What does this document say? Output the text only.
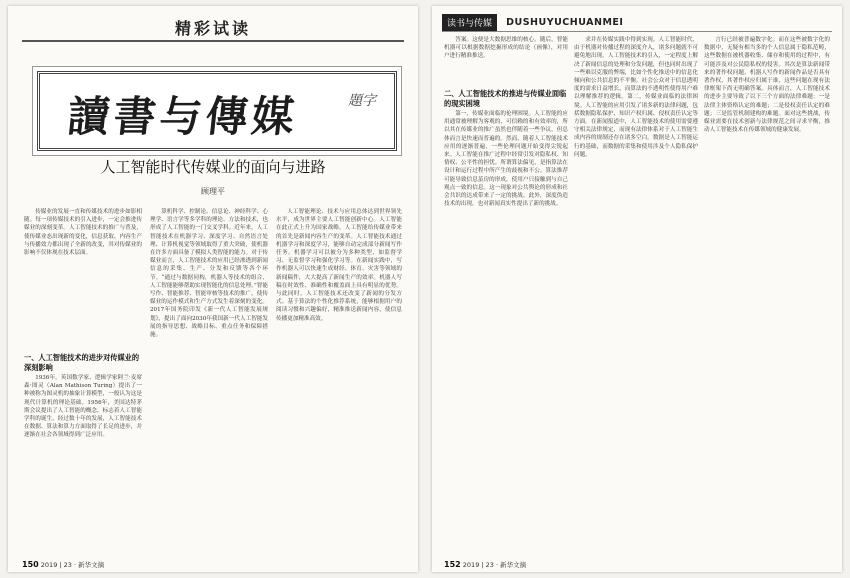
精彩试读
讀書与傳媒	題字
人工智能时代传媒业的面向与进路
顾理平

传媒业的发展一直和传媒技术的进步如影相随。每一项传媒技术的引入进步，一定会推进传媒业的深刻变革。人工智能技术的推广与普及，使传媒业态出现新的变化，信息获取、内容生产与传播效力都出现了全新的改变，其对传媒业的影响不仅体现在技术层面。

一、人工智能技术的进步对传媒业的深刻影响

1936年，英国数学家、逻辑学家阿兰·麦席森·图灵（Alan Mathison Turing）提出了一种被称为图灵机的抽象计算模型，一般认为这是现代计算机的理论基础。1956年，美国达特茅斯会议提出了人工智能的概念，标志着人工智能学科的诞生。经过数十年的发展，人工智能技术在数据、算法和算力方面取得了长足的进步，并逐渐在社会各领域得到广泛应用。

算机科学、控制论、信息论、神经科学、心理学、语言学等多学科的理论、方法和技术，也形成了人工智能的一门交叉学科。近年来，人工智能技术在机器学习、深度学习、自然语言处理、计算机视觉等领域取得了重大突破，使机器在许多方面具备了模拟人类智能的能力。对于传媒业而言，人工智能技术的应用已经渗透到新闻信息的采集、生产、分发和反馈等各个环节。“通过与数据同构，机器人等技术的组合，人工智能能够帮助实现智能化的信息处理。”智能写作、智能推荐、智能审核等技术的推广，使传媒业的运作模式和生产方式发生着深刻的变化。2017年国务院印发《新一代人工智能发展规划》，提出了面向2030年我国新一代人工智能发展的指导思想、战略目标、重点任务和保障措施。

人工智能理论、技术与应用总体达到世界领先水平，成为世界主要人工智能创新中心。人工智能在此正式上升为国家战略。人工智能给传媒业带来的首先是新闻内容生产的变革。人工智能技术通过机器学习和深度学习，能够自动完成部分新闻写作任务。机器学习可以被分为多种类型，如监督学习、无监督学习和强化学习等。在新闻实践中，写作机器人可以快速生成财经、体育、灾害等领域的新闻稿件，大大提高了新闻生产的效率。机器人写稿在时效性、准确性和覆盖面上具有明显的优势。与此同时，人工智能技术还改变了新闻的分发方式。基于算法的个性化推荐系统，能够根据用户的阅读习惯和兴趣偏好，精准推送新闻内容，使信息传播更加精准高效。

150 2019 | 23 · 新华文摘
读书与传媒 DUSHUYUCHUANMEI

答案。这便是大数据思维的核心。随后，智能机器可以根据数据挖掘形成的结论（画像），对用户进行精准推送。

二、人工智能技术的推进与传媒业面临的现实困境

第一，传媒业面临的伦理困境。人工智能的应用通常被理解为客观的，可信赖的和有效率的，所以其在传媒业的推广虽然也伴随着一些争议，但总体而言是快速而普遍的。然而，随着人工智能技术应用的逐渐普遍，一些伦理问题开始变得尖锐起来。人工智能在推广过程中经常引发对隐私权、知情权、公平性的担忧。所谓算法偏见，是指算法在设计和运行过程中所产生的歧视和不公。算法推荐可能导致信息茧房的形成，使用户只接触到与自己观点一致的信息。这一现象对公共舆论的形成和社会共识的达成带来了一定的挑战。此外，深度伪造技术的出现，也对新闻真实性提出了新的挑战。

求并在传媒实践中得到实现。人工智能时代，由于机器对传播过程的深度介入，诸多问题就不可避免地出现。人工智能技术的引入，一定程度上解决了新闻信息的处理和分发问题，但也同时出现了一些难以克服的弊端，比如个性化推送中的信息化倾向和公共信息的不平衡。社会公众对于信息透明度的需求日益增长，而算法的不透明性使得用户难以理解推荐的逻辑。第二，传媒业面临的法律困境。人工智能的应用引发了诸多新的法律问题，包括数据隐私保护、知识产权归属、侵权责任认定等方面。在新闻报道中，人工智能技术的使用需要遵守相关法律规定，而现有法律体系对于人工智能生成内容的规制还存在诸多空白。数据是人工智能运行的基础，而数据的采集和使用涉及个人隐私保护问题。

言行已经被普遍数字化。而在这些被数字化的数据中，无疑有相当多的个人信息属于隐私范畴，这些数据在被机器收集、储存和使用的过程中，有可能涉及对公民隐私权的侵害。其次是算法新闻带来的著作权问题。机器人写作的新闻作品是否具有著作权，其著作权应归属于谁，这些问题在现有法律框架下尚无明确答案。具体而言，人工智能技术的进步主要导致了以下三个方面的法律难题：一是法律主体资格认定的难题；二是侵权责任认定的难题；三是监管机制建构的难题。面对这些挑战，传媒业需要在技术创新与法律规范之间寻求平衡，推动人工智能技术在传媒领域的健康发展。

152 2019 | 23 · 新华文摘
